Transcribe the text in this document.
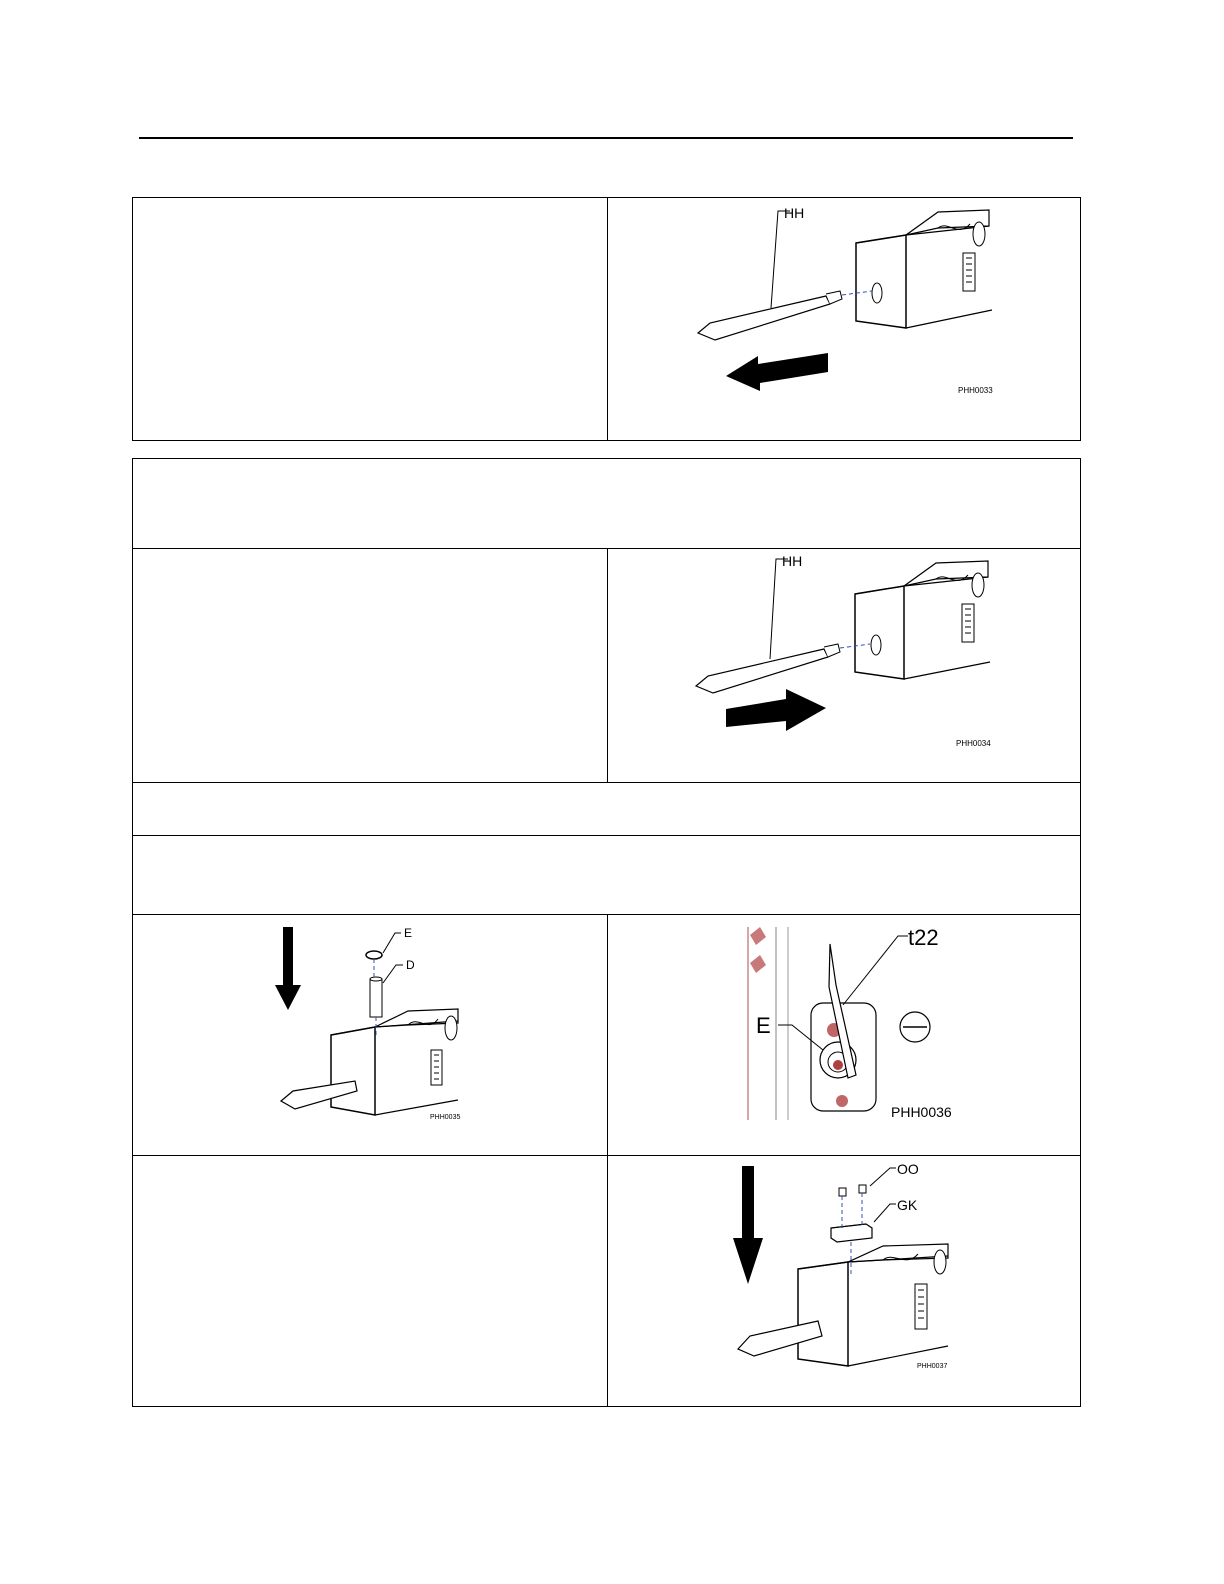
HH
PHH0033
HH
PHH0034
E
D
PHH0035
t22
E
PHH0036
OO
GK
PHH0037
